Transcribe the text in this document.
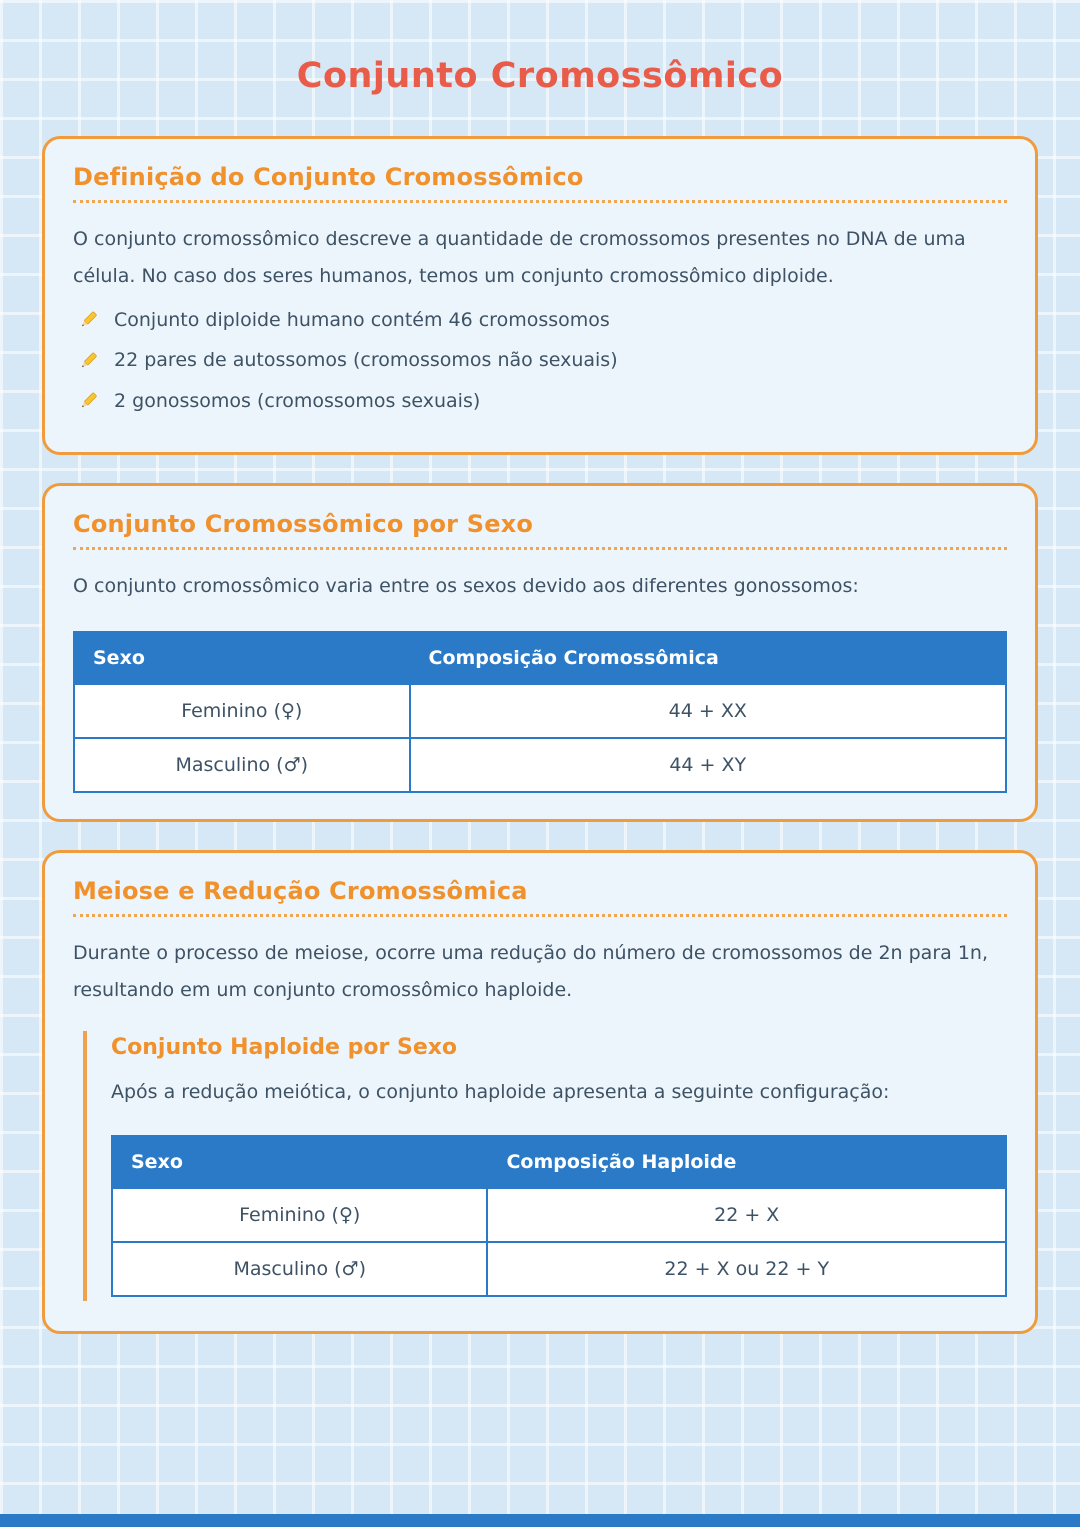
Conjunto Cromossômico
Definição do Conjunto Cromossômico

O conjunto cromossômico descreve a quantidade de cromossomos presentes no DNA de uma célula. No caso dos seres humanos, temos um conjunto cromossômico diploide.

Conjunto diploide humano contém 46 cromossomos
22 pares de autossomos (cromossomos não sexuais)
2 gonossomos (cromossomos sexuais)
Conjunto Cromossômico por Sexo

O conjunto cromossômico varia entre os sexos devido aos diferentes gonossomos:

Sexo	Composição Cromossômica
Feminino (♀)	44 + XX
Masculino (♂)	44 + XY
Meiose e Redução Cromossômica

Durante o processo de meiose, ocorre uma redução do número de cromossomos de 2n para 1n, resultando em um conjunto cromossômico haploide.

Conjunto Haploide por Sexo

Após a redução meiótica, o conjunto haploide apresenta a seguinte configuração:

Sexo	Composição Haploide
Feminino (♀)	22 + X
Masculino (♂)	22 + X ou 22 + Y
